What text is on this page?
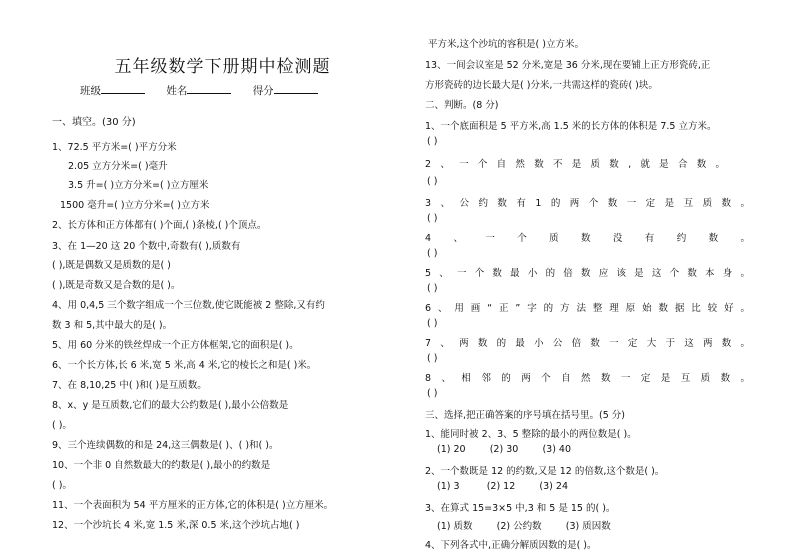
五年级数学下册期中检测题
班级	姓名	得分
一、填空。(30 分)
1、72.5 平方米=( )平方分米
2.05 立方分米=( )毫升
3.5 升=( )立方分米=( )立方厘米
1500 毫升=( )立方分米=( )立方米
2、长方体和正方体都有( )个面,( )条棱,( )个顶点。
3、在 1—20 这 20 个数中,奇数有( ),质数有
( ),既是偶数又是质数的是( )
( ),既是奇数又是合数的是( )。
4、用 0,4,5 三个数字组成一个三位数,使它既能被 2 整除,又有约
数 3 和 5,其中最大的是( )。
5、用 60 分米的铁丝焊成一个正方体框架,它的面积是( )。
6、一个长方体,长 6 米,宽 5 米,高 4 米,它的棱长之和是( )米。
7、在 8,10,25 中( )和( )是互质数。
8、x、y 是互质数,它们的最大公约数是( ),最小公倍数是
( )。
9、三个连续偶数的和是 24,这三偶数是( )、( )和( )。
10、一个非 0 自然数最大的约数是( ),最小的约数是
( )。
11、一个表面积为 54 平方厘米的正方体,它的体积是( )立方厘米。
12、一个沙坑长 4 米,宽 1.5 米,深 0.5 米,这个沙坑占地( )
平方米,这个沙坑的容积是( )立方米。
13、一间会议室是 52 分米,宽是 36 分米,现在要铺上正方形瓷砖,正
方形瓷砖的边长最大是( )分米,一共需这样的瓷砖( )块。
二、判断。(8 分)
1、一个底面积是 5 平方米,高 1.5 米的长方体的体积是 7.5 立方米。
( )
2、一个自然数不是质数,就是合数。
( )
3、公约数有1的两个数一定是互质数。
( )
4、一个质数没有约数。
( )
5、一个数最小的倍数应该是这个数本身。
( )
6、用画“正”字的方法整理原始数据比较好。
( )
7、两数的最小公倍数一定大于这两数。
( )
8、相邻的两个自然数一定是互质数。
( )
三、选择,把正确答案的序号填在括号里。(5 分)
1、能同时被 2、3、5 整除的最小的两位数是( )。
(1) 20        (2) 30        (3) 40
2、一个数既是 12 的约数,又是 12 的倍数,这个数是( )。
(1) 3         (2) 12        (3) 24
3、在算式 15=3×5 中,3 和 5 是 15 的( )。
(1) 质数        (2) 公约数        (3) 质因数
4、下列各式中,正确分解质因数的是( )。
